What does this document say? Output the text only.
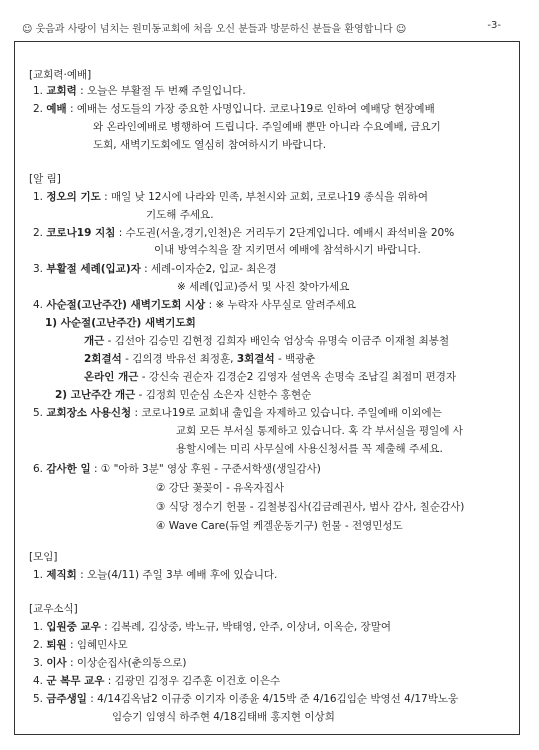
☺ 웃음과 사랑이 넘치는 원미동교회에 처음 오신 분들과 방문하신 분들을 환영합니다 ☺	-3-
[교회력·예배]
1. 교회력 : 오늘은 부활절 두 번째 주일입니다.
2. 예배 : 예배는 성도들의 가장 중요한 사명입니다. 코로나19로 인하여 예배당 현장예배
와 온라인예배로 병행하여 드립니다. 주일예배 뿐만 아니라 수요예배, 금요기
도회, 새벽기도회에도 열심히 참여하시기 바랍니다.
[알 림]
1. 정오의 기도 : 매일 낮 12시에 나라와 민족, 부천시와 교회, 코로나19 종식을 위하여
기도해 주세요.
2. 코로나19 지침 : 수도권(서울,경기,인천)은 거리두기 2단계입니다. 예배시 좌석비율 20%
이내 방역수칙을 잘 지키면서 예배에 참석하시기 바랍니다.
3. 부활절 세례(입교)자 : 세례-이자순2, 입교- 최은경
※ 세례(입교)증서 및 사진 찾아가세요
4. 사순절(고난주간) 새벽기도회 시상 : ※ 누락자 사무실로 알려주세요
1) 사순절(고난주간) 새벽기도회
개근 - 김선아 김승민 김현정 김희자 배인숙 엄상숙 유명숙 이금주 이재철 최봉철
2회결석 - 김의경 박유선 최정훈, 3회결석 - 백광춘
온라인 개근 - 강신숙 권순자 김경순2 김영자 설연옥 손명숙 조남길 최점미 편경자
2) 고난주간 개근 - 김정희 민순심 소은자 신한수 홍현순
5. 교회장소 사용신청 : 코로나19로 교회내 출입을 자제하고 있습니다. 주일예배 이외에는
교회 모든 부서실 통제하고 있습니다. 혹 각 부서실을 평일에 사
용할시에는 미리 사무실에 사용신청서를 꼭 제출해 주세요.
6. 감사한 일 : ① "아하 3분" 영상 후원 - 구준서학생(생일감사)
② 강단 꽃꽂이 - 유옥자집사
③ 식당 정수기 헌물 - 김철봉집사(김금례권사, 범사 감사, 칠순감사)
④ Wave Care(듀얼 케겔운동기구) 헌물 - 전영민성도
[모임]
1. 제직회 : 오늘(4/11) 주일 3부 예배 후에 있습니다.
[교우소식]
1. 입원중 교우 : 김복례, 김상중, 박노규, 박태영, 안주, 이상녀, 이옥순, 장말여
2. 퇴원 : 임혜민사모
3. 이사 : 이상순집사(춘의동으로)
4. 군 복무 교우 : 김광민 김정우 김주훈 이건호 이은수
5. 금주생일 : 4/14김옥남2 이규중 이기자 이종윤 4/15박 준 4/16김임순 박영선 4/17박노웅
임승기 임영식 하주현 4/18김태배 홍지현 이상희
